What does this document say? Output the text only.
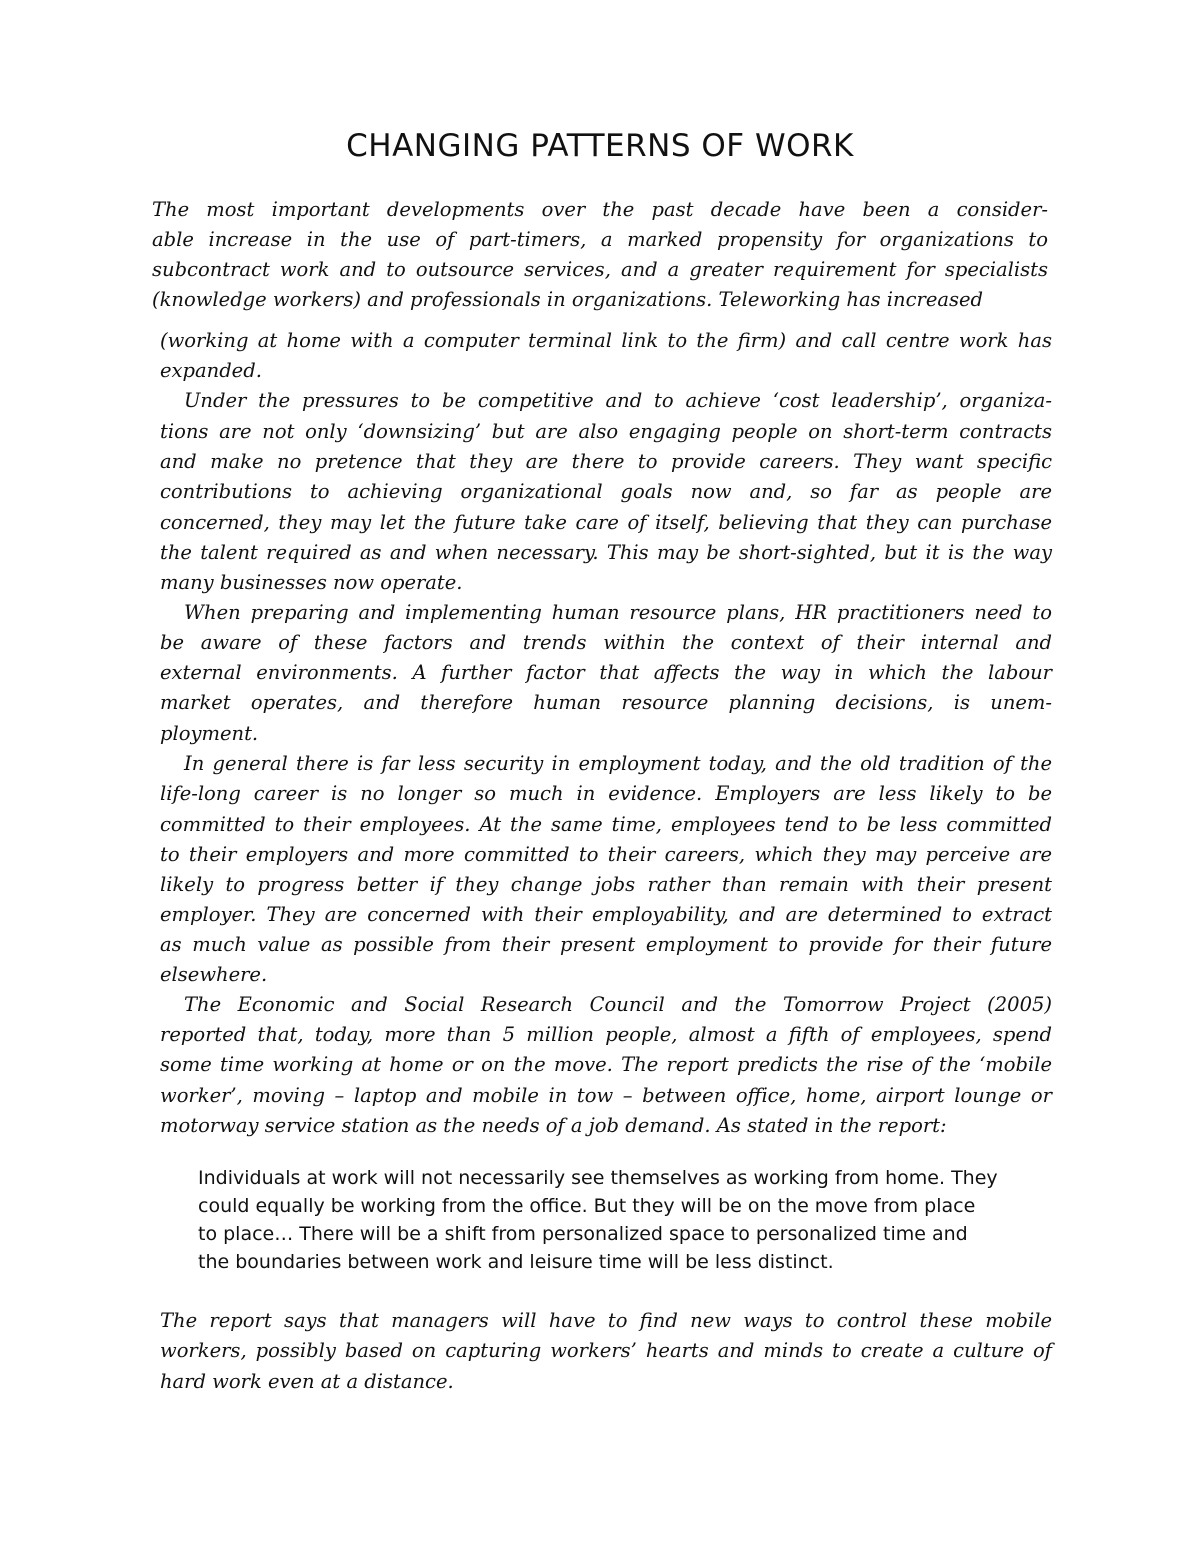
CHANGING PATTERNS OF WORK
The most important developments over the past decade have been a consider-
able increase in the use of part-timers, a marked propensity for organizations to
subcontract work and to outsource services, and a greater requirement for specialists
(knowledge workers) and professionals in organizations. Teleworking has increased
(working at home with a computer terminal link to the firm) and call centre work has
expanded.
Under the pressures to be competitive and to achieve ‘cost leadership’, organiza-
tions are not only ‘downsizing’ but are also engaging people on short-term contracts
and make no pretence that they are there to provide careers. They want specific
contributions to achieving organizational goals now and, so far as people are
concerned, they may let the future take care of itself, believing that they can purchase
the talent required as and when necessary. This may be short-sighted, but it is the way
many businesses now operate.
When preparing and implementing human resource plans, HR practitioners need to
be aware of these factors and trends within the context of their internal and
external environments. A further factor that affects the way in which the labour
market operates, and therefore human resource planning decisions, is unem-
ployment.
In general there is far less security in employment today, and the old tradition of the
life-long career is no longer so much in evidence. Employers are less likely to be
committed to their employees. At the same time, employees tend to be less committed
to their employers and more committed to their careers, which they may perceive are
likely to progress better if they change jobs rather than remain with their present
employer. They are concerned with their employability, and are determined to extract
as much value as possible from their present employment to provide for their future
elsewhere.
The Economic and Social Research Council and the Tomorrow Project (2005)
reported that, today, more than 5 million people, almost a fifth of employees, spend
some time working at home or on the move. The report predicts the rise of the ‘mobile
worker’, moving – laptop and mobile in tow – between office, home, airport lounge or
motorway service station as the needs of a job demand. As stated in the report:
Individuals at work will not necessarily see themselves as working from home. They
could equally be working from the office. But they will be on the move from place
to place… There will be a shift from personalized space to personalized time and
the boundaries between work and leisure time will be less distinct.
The report says that managers will have to find new ways to control these mobile
workers, possibly based on capturing workers’ hearts and minds to create a culture of
hard work even at a distance.
